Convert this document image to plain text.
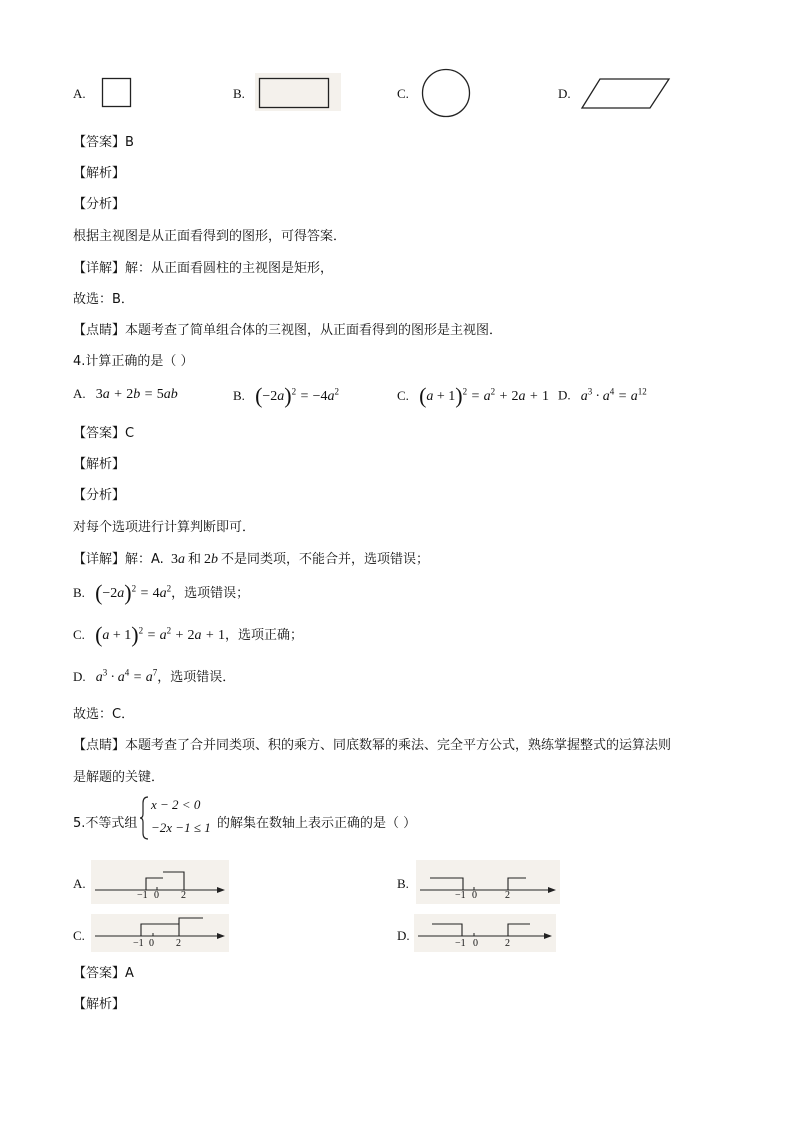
A.	B.	C.	D.
【答案】B
【解析】
【分析】
根据主视图是从正面看得到的图形，可得答案．
【详解】解：从正面看圆柱的主视图是矩形，
故选：B．
【点睛】本题考查了简单组合体的三视图，从正面看得到的图形是主视图．
4.计算正确的是（ ）
A. 3a + 2b = 5ab	B. $(-2a)^2 = -4a^2$	C. $(a + 1)^2 = a^2 + 2a + 1$ D. $a^3 \cdot a^4 = a^{12}$
【答案】C
【解析】
【分析】
对每个选项进行计算判断即可．
【详解】解：A. 3a 和 2b 不是同类项，不能合并，选项错误；
B. $(-2a)^2 = 4a^2$，选项错误；
C. $(a + 1)^2 = a^2 + 2a + 1$，选项正确；
D. $a^3 \cdot a^4 = a^7$，选项错误．
故选：C．
【点睛】本题考查了合并同类项、积的乘方、同底数幂的乘法、完全平方公式，熟练掌握整式的运算法则
是解题的关键．
5.不等式组
x − 2 < 0
−2x −1 ≤ 1 的解集在数轴上表示正确的是（ ）
A.
−1 0 2
B.
−1 0	2
C.
−1 0 2
D.
−1 0	2
【答案】A
【解析】
